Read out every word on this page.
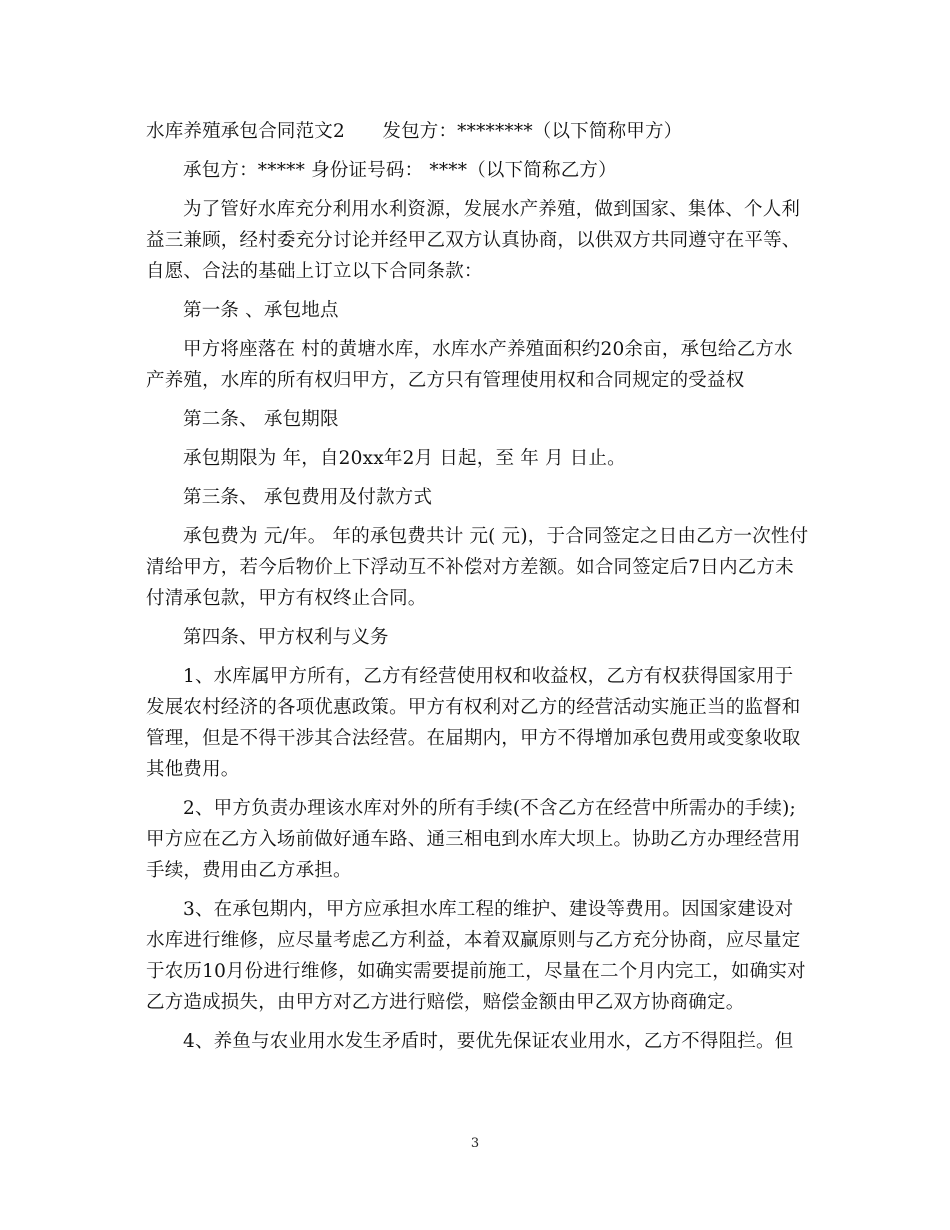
水库养殖承包合同范文2　　发包方：********（以下简称甲方）

承包方：***** 身份证号码： ****（以下简称乙方）

为了管好水库充分利用水利资源，发展水产养殖，做到国家、集体、个人利益三兼顾，经村委充分讨论并经甲乙双方认真协商，以供双方共同遵守在平等、自愿、合法的基础上订立以下合同条款：

第一条 、承包地点

甲方将座落在 村的黄塘水库，水库水产养殖面积约20余亩，承包给乙方水产养殖，水库的所有权归甲方，乙方只有管理使用权和合同规定的受益权

第二条、 承包期限

承包期限为 年，自20xx年2月 日起，至 年 月 日止。

第三条、 承包费用及付款方式

承包费为 元/年。 年的承包费共计 元( 元)，于合同签定之日由乙方一次性付清给甲方，若今后物价上下浮动互不补偿对方差额。如合同签定后7日内乙方未付清承包款，甲方有权终止合同。

第四条、甲方权利与义务

1、水库属甲方所有，乙方有经营使用权和收益权，乙方有权获得国家用于发展农村经济的各项优惠政策。甲方有权利对乙方的经营活动实施正当的监督和管理，但是不得干涉其合法经营。在届期内，甲方不得增加承包费用或变象收取其他费用。

2、甲方负责办理该水库对外的所有手续(不含乙方在经营中所需办的手续);甲方应在乙方入场前做好通车路、通三相电到水库大坝上。协助乙方办理经营用手续，费用由乙方承担。

3、在承包期内，甲方应承担水库工程的维护、建设等费用。因国家建设对水库进行维修，应尽量考虑乙方利益，本着双赢原则与乙方充分协商，应尽量定于农历10月份进行维修，如确实需要提前施工，尽量在二个月内完工，如确实对乙方造成损失，由甲方对乙方进行赔偿，赔偿金额由甲乙双方协商确定。

4、养鱼与农业用水发生矛盾时，要优先保证农业用水，乙方不得阻拦。但

3
